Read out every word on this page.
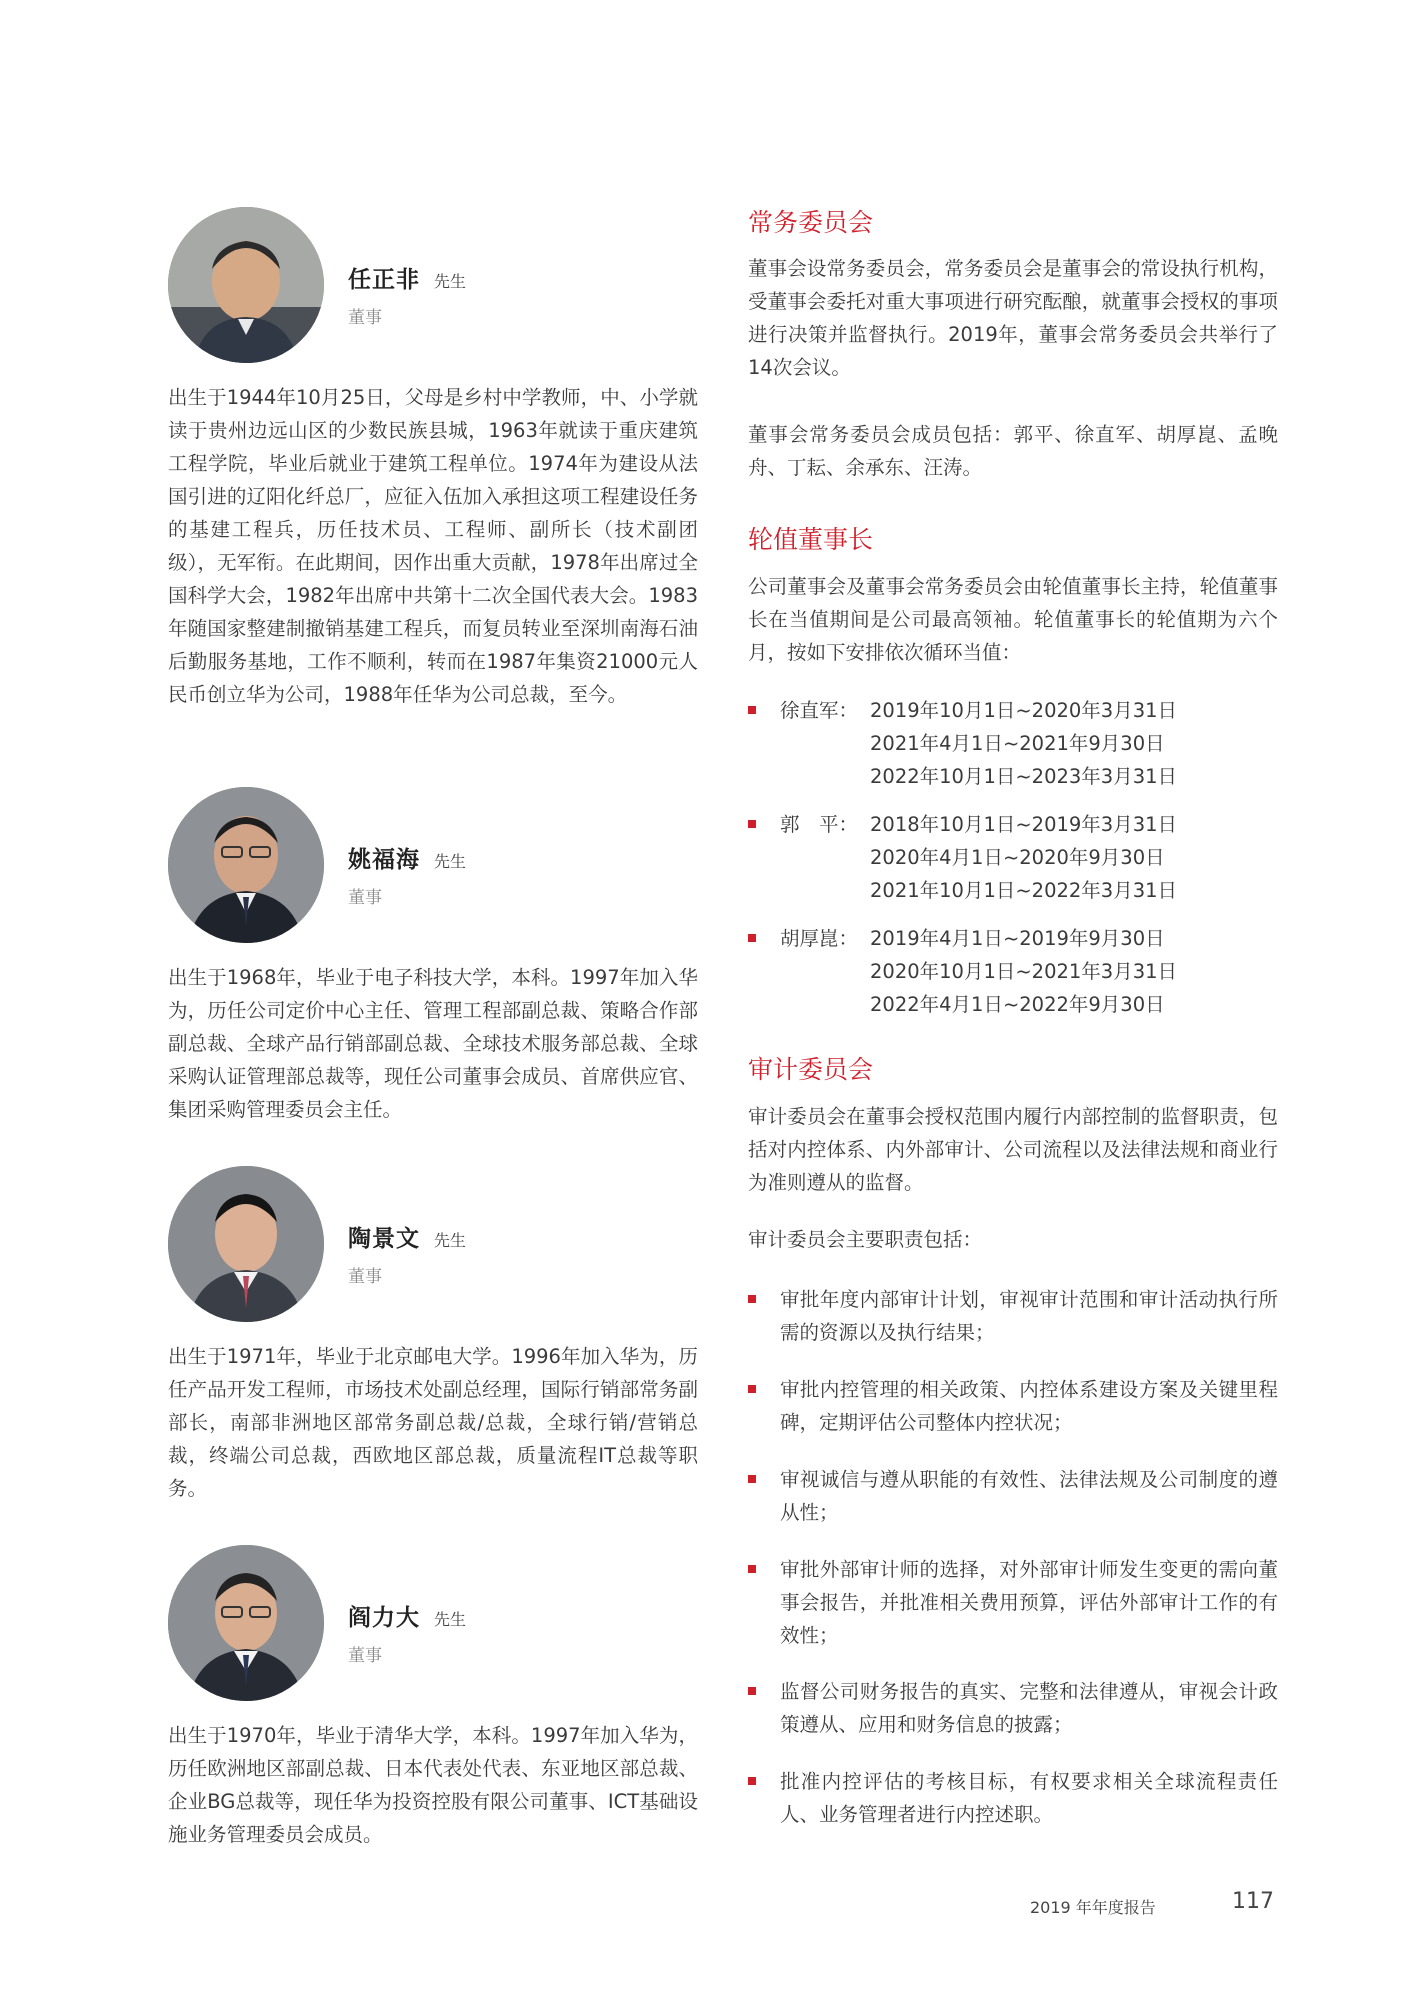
任正非 先生
董事

出生于1944年10月25日，父母是乡村中学教师，中、小学就读于贵州边远山区的少数民族县城，1963年就读于重庆建筑工程学院，毕业后就业于建筑工程单位。1974年为建设从法国引进的辽阳化纤总厂，应征入伍加入承担这项工程建设任务的基建工程兵，历任技术员、工程师、副所长（技术副团级），无军衔。在此期间，因作出重大贡献，1978年出席过全国科学大会，1982年出席中共第十二次全国代表大会。1983年随国家整建制撤销基建工程兵，而复员转业至深圳南海石油后勤服务基地，工作不顺利，转而在1987年集资21000元人民币创立华为公司，1988年任华为公司总裁，至今。

姚福海 先生
董事

出生于1968年，毕业于电子科技大学，本科。1997年加入华为，历任公司定价中心主任、管理工程部副总裁、策略合作部副总裁、全球产品行销部副总裁、全球技术服务部总裁、全球采购认证管理部总裁等，现任公司董事会成员、首席供应官、集团采购管理委员会主任。

陶景文 先生
董事

出生于1971年，毕业于北京邮电大学。1996年加入华为，历任产品开发工程师，市场技术处副总经理，国际行销部常务副部长，南部非洲地区部常务副总裁/总裁，全球行销/营销总裁，终端公司总裁，西欧地区部总裁，质量流程IT总裁等职务。

阎力大 先生
董事

出生于1970年，毕业于清华大学，本科。1997年加入华为，历任欧洲地区部副总裁、日本代表处代表、东亚地区部总裁、企业BG总裁等，现任华为投资控股有限公司董事、ICT基础设施业务管理委员会成员。

常务委员会

董事会设常务委员会，常务委员会是董事会的常设执行机构，受董事会委托对重大事项进行研究酝酿，就董事会授权的事项进行决策并监督执行。2019年，董事会常务委员会共举行了14次会议。

董事会常务委员会成员包括：郭平、徐直军、胡厚崑、孟晚舟、丁耘、余承东、汪涛。

轮值董事长

公司董事会及董事会常务委员会由轮值董事长主持，轮值董事长在当值期间是公司最高领袖。轮值董事长的轮值期为六个月，按如下安排依次循环当值：

徐直军： 2019年10月1日~2020年3月31日
2021年4月1日~2021年9月30日
2022年10月1日~2023年3月31日
郭　平： 2018年10月1日~2019年3月31日
2020年4月1日~2020年9月30日
2021年10月1日~2022年3月31日
胡厚崑： 2019年4月1日~2019年9月30日
2020年10月1日~2021年3月31日
2022年4月1日~2022年9月30日
审计委员会

审计委员会在董事会授权范围内履行内部控制的监督职责，包括对内控体系、内外部审计、公司流程以及法律法规和商业行为准则遵从的监督。

审计委员会主要职责包括：

审批年度内部审计计划，审视审计范围和审计活动执行所需的资源以及执行结果；

审批内控管理的相关政策、内控体系建设方案及关键里程碑，定期评估公司整体内控状况；

审视诚信与遵从职能的有效性、法律法规及公司制度的遵从性；

审批外部审计师的选择，对外部审计师发生变更的需向董事会报告，并批准相关费用预算，评估外部审计工作的有效性；

监督公司财务报告的真实、完整和法律遵从，审视会计政策遵从、应用和财务信息的披露；

批准内控评估的考核目标，有权要求相关全球流程责任人、业务管理者进行内控述职。

2019 年年度报告	117
